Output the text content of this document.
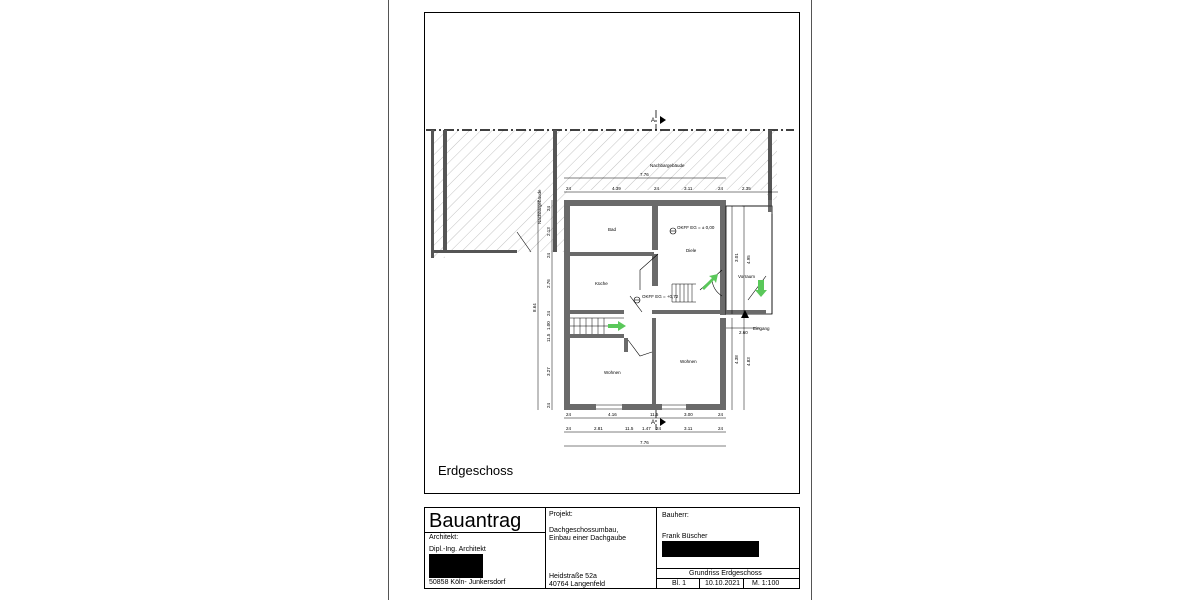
Nachbargebäude
Nachbargebäude
Bad
Küche
Diele
Vorraum
Wohnen
Wohnen
Eingang
OKFF EG = ± 0,00
OKFF EG = +0,72
A
A
7.76
24	4.39	24	3.11	24	2.35
24	4.16	11.5	3.00	24
24	2.81	11.5 1.47 24	3.11	24
7.76
24
2.13
24
2.76
24
1.00
11.5
3.27
24
8.64
3.01 4.95
2.60
4.38 4.83
Erdgeschoss
Bauantrag
Architekt:
Dipl.-Ing. Architekt
50858 Köln- Junkersdorf
Projekt:
Dachgeschossumbau,
Einbau einer Dachgaube
Heidstraße 52a
40764 Langenfeld
Bauherr:
Frank Büscher
Grundriss Erdgeschoss
Bl. 1	10.10.2021 M. 1:100
